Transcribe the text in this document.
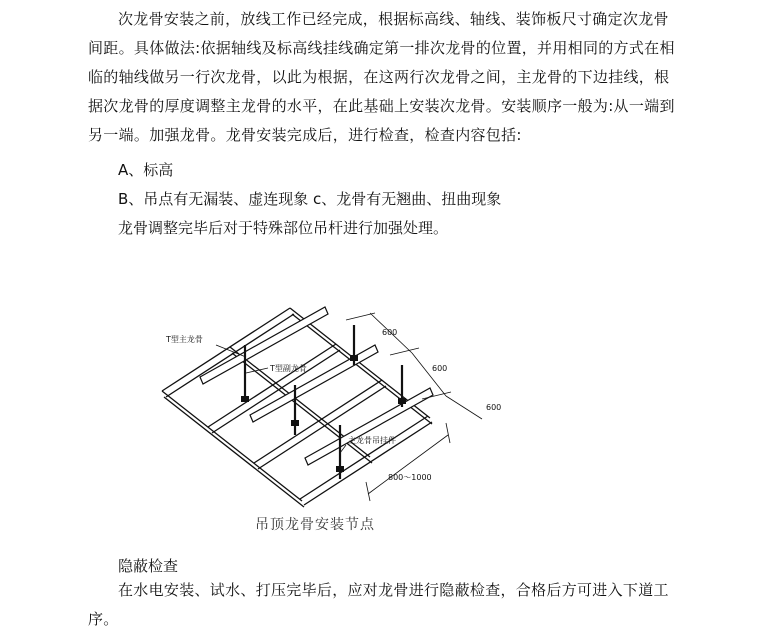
次龙骨安装之前，放线工作已经完成，根据标高线、轴线、装饰板尺寸确定次龙骨间距。具体做法:依据轴线及标高线挂线确定第一排次龙骨的位置，并用相同的方式在相临的轴线做另一行次龙骨，以此为根据，在这两行次龙骨之间，主龙骨的下边挂线，根据次龙骨的厚度调整主龙骨的水平，在此基础上安装次龙骨。安装顺序一般为:从一端到另一端。加强龙骨。龙骨安装完成后，进行检查，检查内容包括:
A、标高
B、吊点有无漏装、虚连现象 c、龙骨有无翘曲、扭曲现象
龙骨调整完毕后对于特殊部位吊杆进行加强处理。
T型主龙骨
T型副龙骨
主龙骨吊挂件
600
600
600
800～1000
吊顶龙骨安装节点
隐蔽检查
在水电安装、试水、打压完毕后，应对龙骨进行隐蔽检查，合格后方可进入下道工序。
